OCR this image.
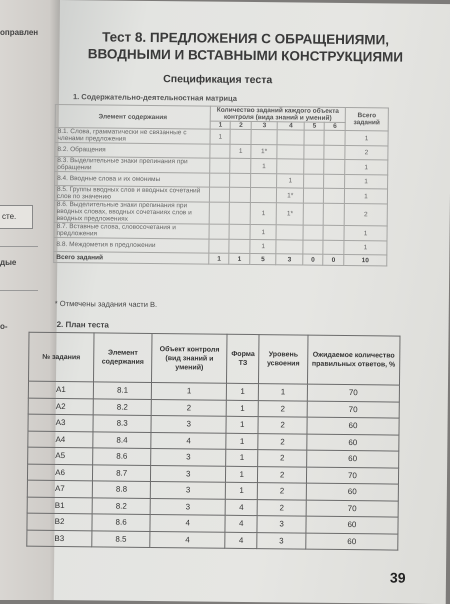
оправлен
сте.
дые
о-
Тест 8. ПРЕДЛОЖЕНИЯ С ОБРАЩЕНИЯМИ, ВВОДНЫМИ И ВСТАВНЫМИ КОНСТРУКЦИЯМИ
Спецификация теста
1. Содержательно-деятельностная матрица
Элемент содержания	Количество заданий каждого объекта контроля (вида знаний и умений)						Всего заданий
	1	2	3	4	5	6	
8.1. Слова, грамматически не связанные с членами предложения	1						1
8.2. Обращения		1	1*				2
8.3. Выделительные знаки препинания при обращении			1				1
8.4. Вводные слова и их омонимы				1			1
8.5. Группы вводных слов и вводных сочетаний слов по значению				1*			1
8.6. Выделительные знаки препинания при вводных словах, вводных сочетаниях слов и вводных предложениях			1	1*			2
8.7. Вставные слова, словосочетания и предложения			1				1
8.8. Междометия в предложении			1				1
Всего заданий	1	1	5	3	0	0	10
* Отмечены задания части В.
2. План теста
№ задания	Элемент содержания	Объект контроля (вид знаний и умений)	Форма ТЗ	Уровень усвоения	Ожидаемое количество правильных ответов, %
А1	8.1	1	1	1	70
А2	8.2	2	1	2	70
А3	8.3	3	1	2	60
А4	8.4	4	1	2	60
А5	8.6	3	1	2	60
А6	8.7	3	1	2	70
А7	8.8	3	1	2	60
В1	8.2	3	4	2	70
В2	8.6	4	4	3	60
В3	8.5	4	4	3	60
39
